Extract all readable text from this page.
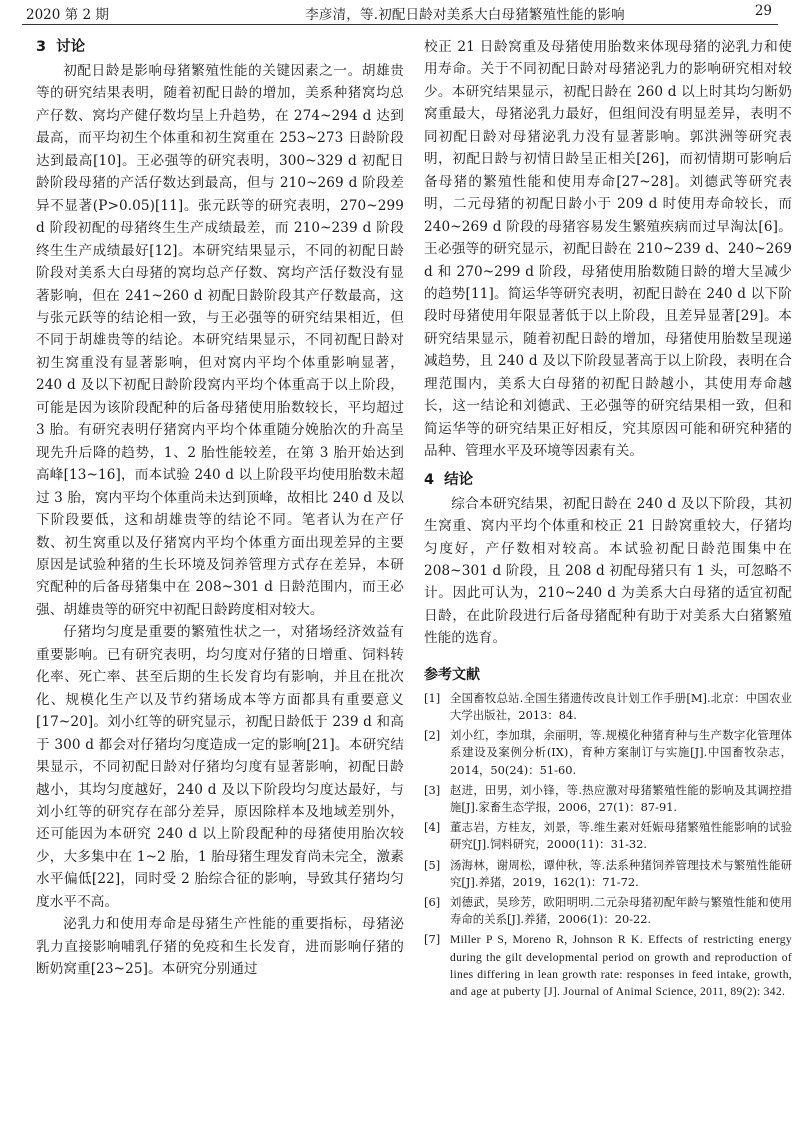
2020 第 2 期	李彦清，等.初配日龄对美系大白母猪繁殖性能的影响	29
3 讨论

初配日龄是影响母猪繁殖性能的关键因素之一。胡雄贵等的研究结果表明，随着初配日龄的增加，美系种猪窝均总产仔数、窝均产健仔数均呈上升趋势，在 274~294 d 达到最高，而平均初生个体重和初生窝重在 253~273 日龄阶段达到最高[10]。王必强等的研究表明，300~329 d 初配日龄阶段母猪的产活仔数达到最高，但与 210~269 d 阶段差异不显著(P>0.05)[11]。张元跃等的研究表明，270~299 d 阶段初配的母猪终生生产成绩最差，而 210~239 d 阶段终生生产成绩最好[12]。本研究结果显示，不同的初配日龄阶段对美系大白母猪的窝均总产仔数、窝均产活仔数没有显著影响，但在 241~260 d 初配日龄阶段其产仔数最高，这与张元跃等的结论相一致，与王必强等的研究结果相近，但不同于胡雄贵等的结论。本研究结果显示，不同初配日龄对初生窝重没有显著影响，但对窝内平均个体重影响显著，240 d 及以下初配日龄阶段窝内平均个体重高于以上阶段，可能是因为该阶段配种的后备母猪使用胎数较长，平均超过 3 胎。有研究表明仔猪窝内平均个体重随分娩胎次的升高呈现先升后降的趋势，1、2 胎性能较差，在第 3 胎开始达到高峰[13~16]，而本试验 240 d 以上阶段平均使用胎数未超过 3 胎，窝内平均个体重尚未达到顶峰，故相比 240 d 及以下阶段要低，这和胡雄贵等的结论不同。笔者认为在产仔数、初生窝重以及仔猪窝内平均个体重方面出现差异的主要原因是试验种猪的生长环境及饲养管理方式存在差异，本研究配种的后备母猪集中在 208~301 d 日龄范围内，而王必强、胡雄贵等的研究中初配日龄跨度相对较大。

仔猪均匀度是重要的繁殖性状之一，对猪场经济效益有重要影响。已有研究表明，均匀度对仔猪的日增重、饲料转化率、死亡率、甚至后期的生长发育均有影响，并且在批次化、规模化生产以及节约猪场成本等方面都具有重要意义[17~20]。刘小红等的研究显示，初配日龄低于 239 d 和高于 300 d 都会对仔猪均匀度造成一定的影响[21]。本研究结果显示，不同初配日龄对仔猪均匀度有显著影响，初配日龄越小，其均匀度越好，240 d 及以下阶段均匀度达最好，与刘小红等的研究存在部分差异，原因除样本及地域差别外，还可能因为本研究 240 d 以上阶段配种的母猪使用胎次较少，大多集中在 1~2 胎，1 胎母猪生理发育尚未完全，激素水平偏低[22]，同时受 2 胎综合征的影响，导致其仔猪均匀度水平不高。

泌乳力和使用寿命是母猪生产性能的重要指标，母猪泌乳力直接影响哺乳仔猪的免疫和生长发育，进而影响仔猪的断奶窝重[23~25]。本研究分别通过

校正 21 日龄窝重及母猪使用胎数来体现母猪的泌乳力和使用寿命。关于不同初配日龄对母猪泌乳力的影响研究相对较少。本研究结果显示，初配日龄在 260 d 以上时其均匀断奶窝重最大，母猪泌乳力最好，但组间没有明显差异，表明不同初配日龄对母猪泌乳力没有显著影响。郭洪洲等研究表明，初配日龄与初情日龄呈正相关[26]，而初情期可影响后备母猪的繁殖性能和使用寿命[27~28]。刘德武等研究表明，二元母猪的初配日龄小于 209 d 时使用寿命较长，而 240~269 d 阶段的母猪容易发生繁殖疾病而过早淘汰[6]。王必强等的研究显示，初配日龄在 210~239 d、240~269 d 和 270~299 d 阶段，母猪使用胎数随日龄的增大呈减少的趋势[11]。简运华等研究表明，初配日龄在 240 d 以下阶段时母猪使用年限显著低于以上阶段，且差异显著[29]。本研究结果显示，随着初配日龄的增加，母猪使用胎数呈现递减趋势，且 240 d 及以下阶段显著高于以上阶段，表明在合理范围内，美系大白母猪的初配日龄越小，其使用寿命越长，这一结论和刘德武、王必强等的研究结果相一致，但和简运华等的研究结果正好相反，究其原因可能和研究种猪的品种、管理水平及环境等因素有关。

4 结论

综合本研究结果，初配日龄在 240 d 及以下阶段，其初生窝重、窝内平均个体重和校正 21 日龄窝重较大，仔猪均匀度好，产仔数相对较高。本试验初配日龄范围集中在 208~301 d 阶段，且 208 d 初配母猪只有 1 头，可忽略不计。因此可认为，210~240 d 为美系大白母猪的适宜初配日龄，在此阶段进行后备母猪配种有助于对美系大白猪繁殖性能的选育。

参考文献
[1] 全国畜牧总站.全国生猪遗传改良计划工作手册[M].北京：中国农业大学出版社，2013：84.
[2] 刘小红，李加琪，余丽明，等.规模化种猪育种与生产数字化管理体系建设及案例分析(IX)，育种方案制订与实施[J].中国畜牧杂志，2014，50(24)：51-60.
[3] 赵进，田男，刘小锋，等.热应激对母猪繁殖性能的影响及其调控措施[J].家畜生态学报，2006，27(1)：87-91.
[4] 董志岩，方桂友，刘景，等.维生素对妊娠母猪繁殖性能影响的试验研究[J].饲料研究，2000(11)：31-32.
[5] 汤海林，谢周松，谭仲秋，等.法系种猪饲养管理技术与繁殖性能研究[J].养猪，2019，162(1)：71-72.
[6] 刘德武，吴珍芳，欧阳明明.二元杂母猪初配年龄与繁殖性能和使用寿命的关系[J].养猪，2006(1)：20-22.
[7] Miller P S, Moreno R, Johnson R K. Effects of restricting energy during the gilt developmental period on growth and reproduction of lines differing in lean growth rate: responses in feed intake, growth, and age at puberty [J]. Journal of Animal Science, 2011, 89(2): 342.
